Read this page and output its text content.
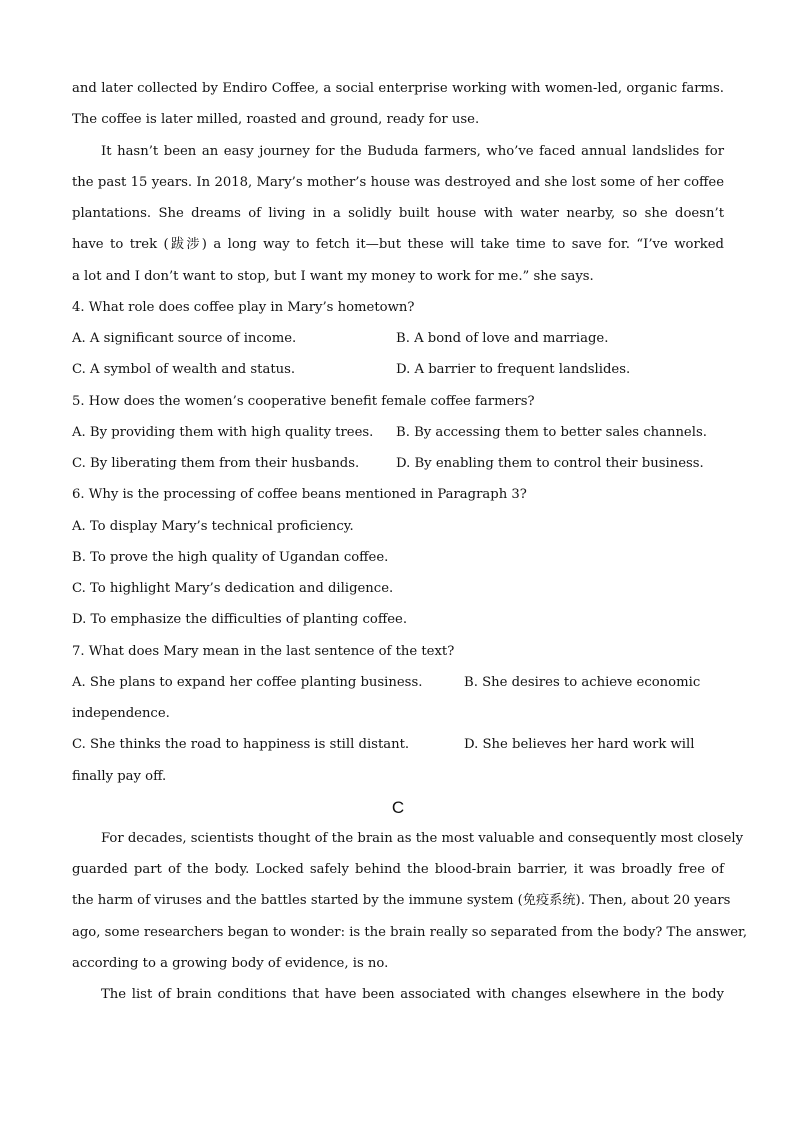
and later collected by Endiro Coffee, a social enterprise working with women-led, organic farms.
The coffee is later milled, roasted and ground, ready for use.
It hasn’t been an easy journey for the Bududa farmers, who’ve faced annual landslides for
the past 15 years. In 2018, Mary’s mother’s house was destroyed and she lost some of her coffee
plantations. She dreams of living in a solidly built house with water nearby, so she doesn’t
have to trek (跋涉) a long way to fetch it—but these will take time to save for. “I’ve worked
a lot and I don’t want to stop, but I want my money to work for me.” she says.
4. What role does coffee play in Mary’s hometown?
A. A significant source of income.	B. A bond of love and marriage.
C. A symbol of wealth and status.	D. A barrier to frequent landslides.
5. How does the women’s cooperative benefit female coffee farmers?
A. By providing them with high quality trees. B. By accessing them to better sales channels.
C. By liberating them from their husbands.	D. By enabling them to control their business.
6. Why is the processing of coffee beans mentioned in Paragraph 3?
A. To display Mary’s technical proficiency.
B. To prove the high quality of Ugandan coffee.
C. To highlight Mary’s dedication and diligence.
D. To emphasize the difficulties of planting coffee.
7. What does Mary mean in the last sentence of the text?
A. She plans to expand her coffee planting business.	B. She desires to achieve economic
independence.
C. She thinks the road to happiness is still distant.	D. She believes her hard work will
finally pay off.
C
For decades, scientists thought of the brain as the most valuable and consequently most closely
guarded part of the body. Locked safely behind the blood-brain barrier, it was broadly free of
the harm of viruses and the battles started by the immune system (免疫系统). Then, about 20 years
ago, some researchers began to wonder: is the brain really so separated from the body? The answer,
according to a growing body of evidence, is no.
The list of brain conditions that have been associated with changes elsewhere in the body
